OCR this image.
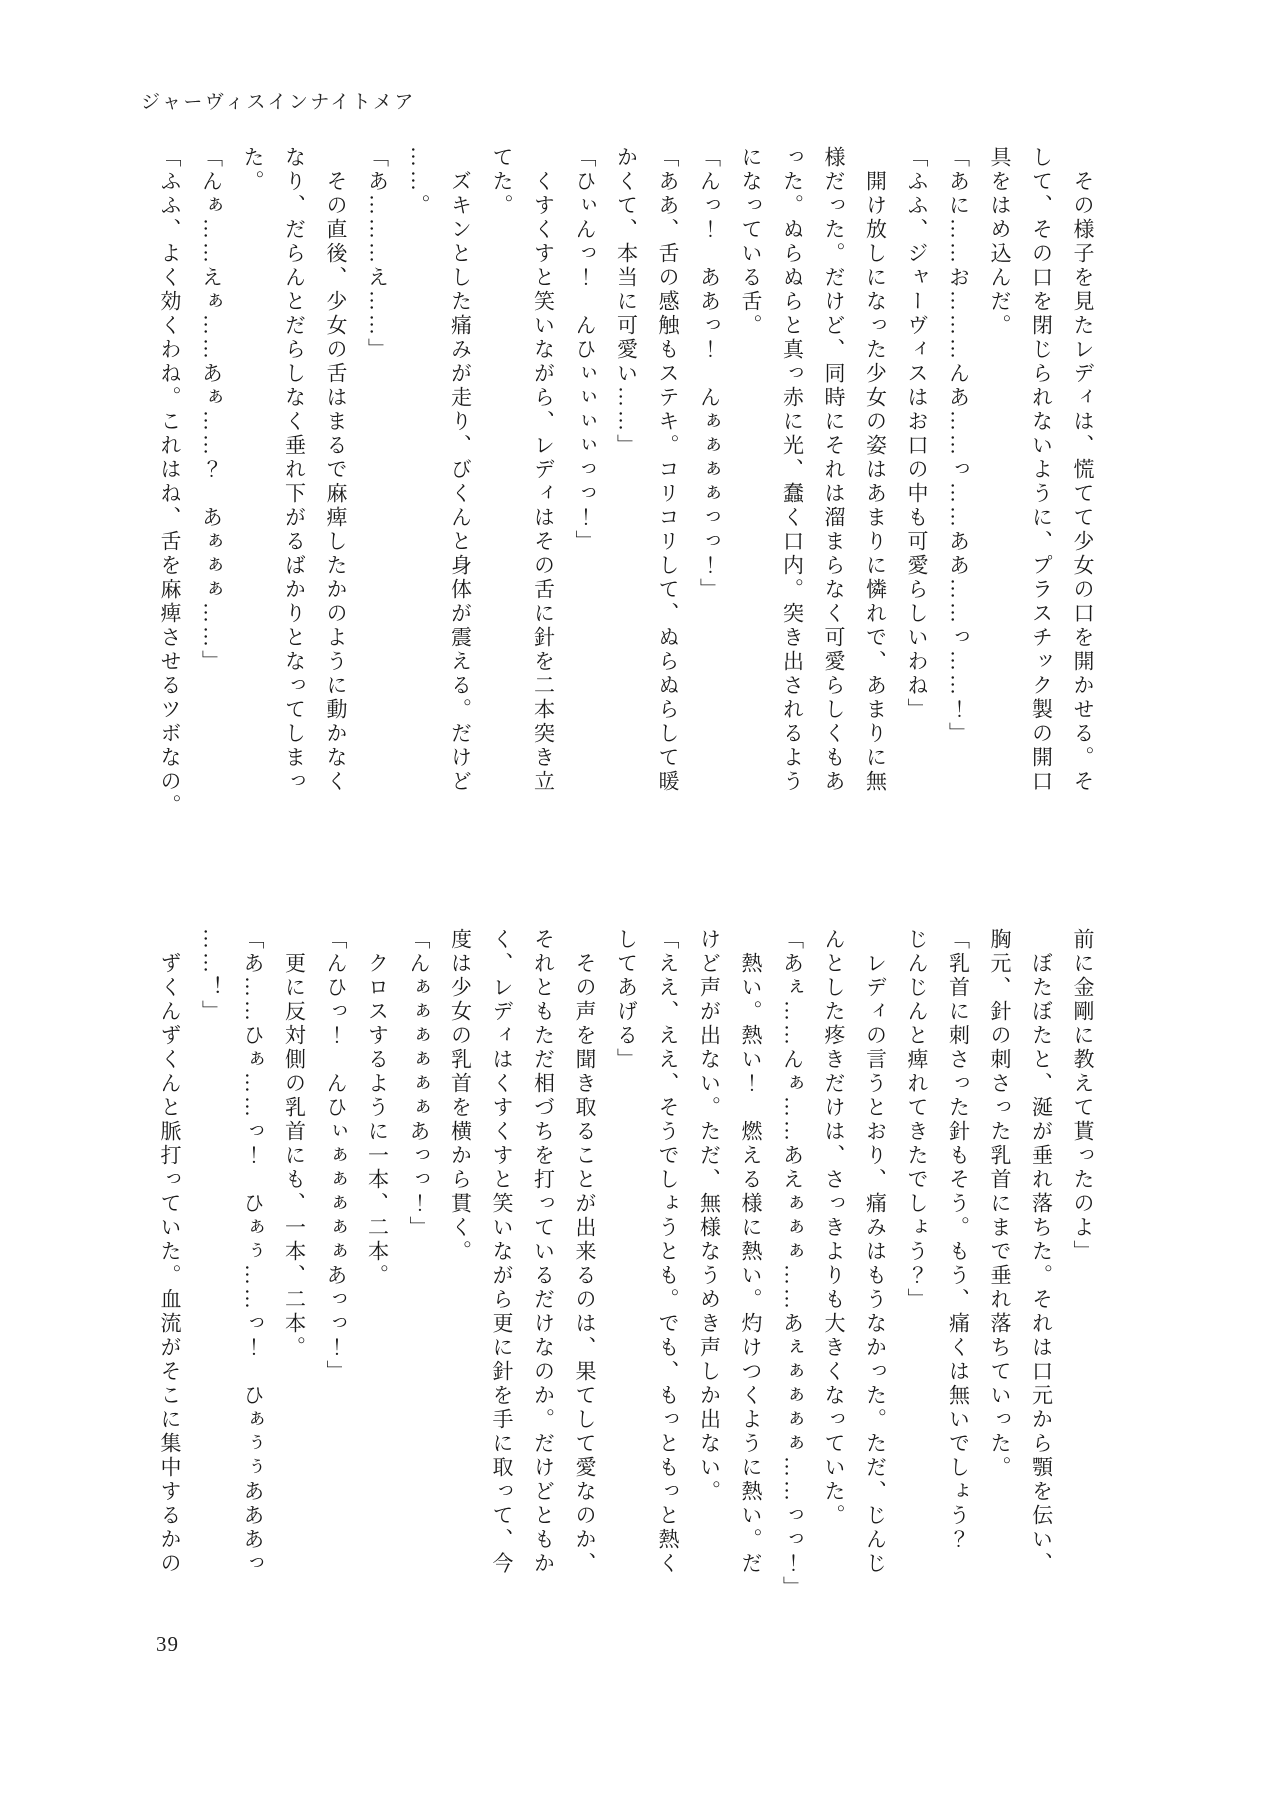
ジャーヴィスインナイトメア
その様子を見たレディは、慌てて少女の口を開かせる。そ
して、その口を閉じられないように、プラスチック製の開口
具をはめ込んだ。
「あに……お………んあ……っ……ああ……っ……！」
「ふふ、ジャーヴィスはお口の中も可愛らしいわね」
開け放しになった少女の姿はあまりに憐れで、あまりに無
様だった。だけど、同時にそれは溜まらなく可愛らしくもあ
った。ぬらぬらと真っ赤に光、蠢く口内。突き出されるよう
になっている舌。
「んっ！　ああっ！　んぁぁぁぁっっ！」
「ああ、舌の感触もステキ。コリコリして、ぬらぬらして暖
かくて、本当に可愛い……」
「ひぃんっ！　んひぃぃぃぃっっ！」
くすくすと笑いながら、レディはその舌に針を二本突き立
てた。
ズキンとした痛みが走り、びくんと身体が震える。だけど
……。
「あ………え……」
その直後、少女の舌はまるで麻痺したかのように動かなく
なり、だらんとだらしなく垂れ下がるばかりとなってしまっ
た。
「んぁ……えぁ……あぁ……？　あぁぁぁ……」
「ふふ、よく効くわね。これはね、舌を麻痺させるツボなの。
前に金剛に教えて貰ったのよ」
ぼたぼたと、涎が垂れ落ちた。それは口元から顎を伝い、
胸元、針の刺さった乳首にまで垂れ落ちていった。
「乳首に刺さった針もそう。もう、痛くは無いでしょう？
じんじんと痺れてきたでしょう？」
レディの言うとおり、痛みはもうなかった。ただ、じんじ
んとした疼きだけは、さっきよりも大きくなっていた。
「あぇ……んぁ……あえぁぁぁ……あぇぁぁぁぁ……っっ！」
熱い。熱い！　燃える様に熱い。灼けつくように熱い。だ
けど声が出ない。ただ、無様なうめき声しか出ない。
「ええ、ええ、そうでしょうとも。でも、もっともっと熱く
してあげる」
その声を聞き取ることが出来るのは、果てして愛なのか、
それともただ相づちを打っているだけなのか。だけどともか
く、レディはくすくすと笑いながら更に針を手に取って、今
度は少女の乳首を横から貫く。
「んぁぁぁぁぁぁあっっ！」
クロスするように一本、二本。
「んひっ！　んひぃぁぁぁぁぁあっっ！」
更に反対側の乳首にも、一本、二本。
「あ……ひぁ……っ！　ひぁぅ……っ！　ひぁぅぅあああっ
……！」
ずくんずくんと脈打っていた。血流がそこに集中するかの
39
